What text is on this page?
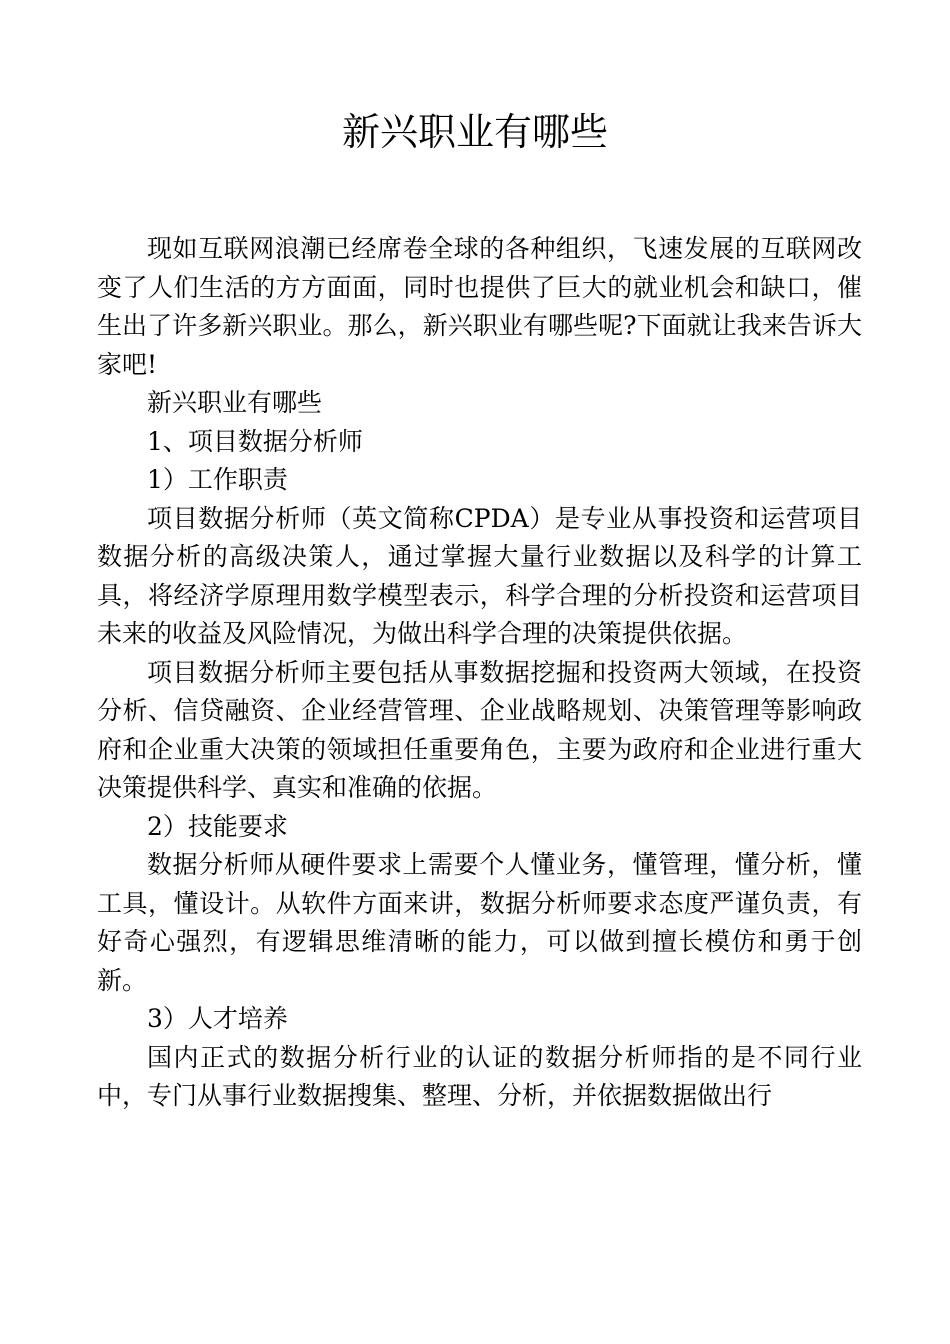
新兴职业有哪些

现如互联网浪潮已经席卷全球的各种组织，飞速发展的互联网改变了人们生活的方方面面，同时也提供了巨大的就业机会和缺口，催生出了许多新兴职业。那么，新兴职业有哪些呢?下面就让我来告诉大家吧!

新兴职业有哪些

1、项目数据分析师

1）工作职责

项目数据分析师（英文简称CPDA）是专业从事投资和运营项目数据分析的高级决策人，通过掌握大量行业数据以及科学的计算工具，将经济学原理用数学模型表示，科学合理的分析投资和运营项目未来的收益及风险情况，为做出科学合理的决策提供依据。

项目数据分析师主要包括从事数据挖掘和投资两大领域，在投资分析、信贷融资、企业经营管理、企业战略规划、决策管理等影响政府和企业重大决策的领域担任重要角色，主要为政府和企业进行重大决策提供科学、真实和准确的依据。

2）技能要求

数据分析师从硬件要求上需要个人懂业务，懂管理，懂分析，懂工具，懂设计。从软件方面来讲，数据分析师要求态度严谨负责，有好奇心强烈，有逻辑思维清晰的能力，可以做到擅长模仿和勇于创新。

3）人才培养

国内正式的数据分析行业的认证的数据分析师指的是不同行业中，专门从事行业数据搜集、整理、分析，并依据数据做出行
